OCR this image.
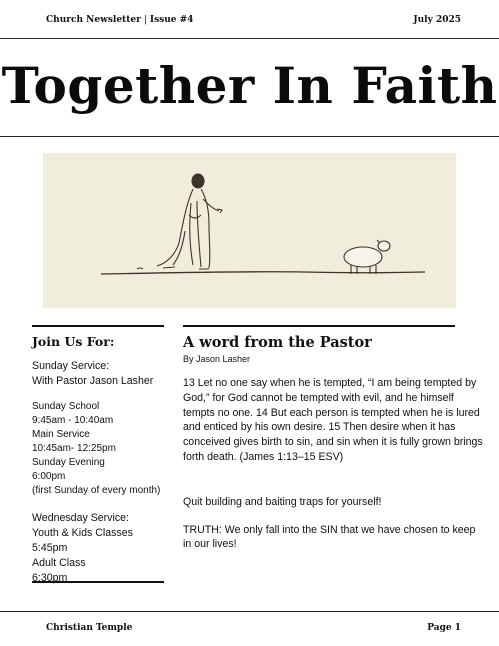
Church Newsletter | Issue #4	July 2025
Together In Faith
Join Us For:
Sunday Service:
With Pastor Jason Lasher
Sunday School
9:45am - 10:40am
Main Service
10:45am- 12:25pm
Sunday Evening
6:00pm
(first Sunday of every month)
Wednesday Service:
Youth & Kids Classes
5:45pm
Adult Class
6:30pm
A word from the Pastor
By Jason Lasher

13 Let no one say when he is tempted, “I am being tempted by God,” for God cannot be tempted with evil, and he himself tempts no one. 14 But each person is tempted when he is lured and enticed by his own desire. 15 Then desire when it has conceived gives birth to sin, and sin when it is fully grown brings forth death. (James 1:13–15 ESV)

Quit building and baiting traps for yourself!

TRUTH: We only fall into the SIN that we have chosen to keep in our lives!

Christian Temple	Page 1
